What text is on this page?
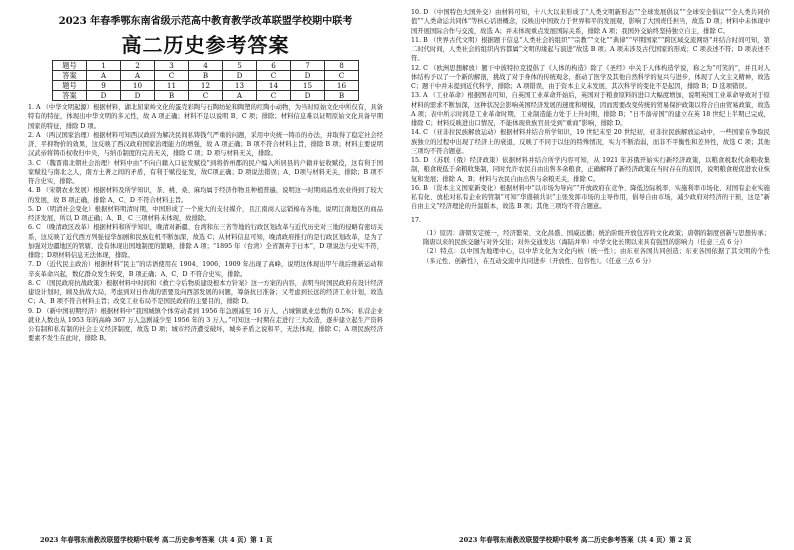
2023 年春季鄂东南省级示范高中教育教学改革联盟学校期中联考
高二历史参考答案
题号	1	2	3	4	5	6	7	8
答案	A	A	C	B	D	C	D	C
题号	9	10	11	12	13	14	15	16
答案	D	D	B	C	A	C	D	B

1. A （中华文明起源）根据材料，湖北屈家岭文化的蛋壳彩陶与石陶纺轮和陶塑的红陶小动物，为当时原始文化中所仅有，具备特有的特征，体现出中华文明的多元性，故 A 项正确；材料不足以说明 B、C 项；排除；材料信息难以证明原始文化具备早期国家的特征，排除 D 项。

2. A （两汉国家治理）根据材料可知西汉政府为解决民间私铸钱气严重的问题，采用中央统一铸币的办法，并取得了稳定社会经济、平抑物价的效果，这反映了西汉政府国家治理能力的增强，故 A 项正确；B 项不符合材料主旨，排除 B 项；材料主要说明汉武帝将铸币权收归中央，与纳币制度的完善无关，排除 C 项；D 项与材料无关，排除。

3. C （魏晋南北朝社会治理）材料中由“不向自籍入口征发赋役”到将侨州郡的民户编入所居县的户籍并征收赋役，这有利于国家赋役与南北之人，南方土著之间的矛盾，有利于赋役征发，故C项正确；D 项说法错误；A、D项与材料无关，排除；B 项不符合史实，排除。

4. B （宋朝农业发展）根据材料及所学知识，茶、桃、桑、麻均属于经济作物且种植普遍，说明这一时期商品性农业得到了较大的发展，故 B 项正确，排除 A、C、D 不符合材料主旨。

5. D （明清社会变化）根据材料明清时期，中国形成了一个庞大的支付媒介，且江南商人运销棉布各地，说明江南地区的商品经济发展，所以 D 项正确；A、B、C 三项材料未体现，故排除。

6. C （晚清政区改革）根据材料和所学知识，晚清对新疆、台湾和东三省等地的行政区划改革与近代历史对三地的侵略有密切关系，这反映了近代西方列强侵华加剧和民族危机不断加深，故选 C；从材料信息可知，晚清政府推行的是行政区划改革，是为了加强对边疆地区的管辖，没有体现出国地制度的繁略，排除 A 项；“1895 年（台湾）全省割弃于日本”，D 项说法与史实不符，排除；D项材料信息无法体现，排除。

7. D （近代民主政治）根据材料“民主”的话语使用在 1904、1906、1909 年出现了高峰，说明这体现出甲午战后维新运动和辛亥革命兴起，数亿群众发生转变，B 项正确；A、C、D 不符合史实，排除。

8. C （国民政府抗战政策）根据材料中时间和《救亡令后物质建设根本方针案》这一方案的内容，表明当时国民政府在设计经济建设计划时，顾及抗战大局，考虑到对日作战的需要及向西部发展的问题，筹备抗日准备；又考虑到长远的经济工业计划，故选 C；A、B 项不符合材料主旨；改变工业布局不是国民政府的主要目的，排除 D。

9. D （新中国初期经济）根据材料中“我国城镇个体劳动者到 1956 年急剧减至 16 万人，占城镇就业总数的 0.5%；私营企业就业人数也从 1953 年的高峰 367 万人急剧减少至 1956 年的 3 万人。”可知这一时期在走进行三大改造，逐步建立起生产资料公有制和私有制的社会主义经济制度，故选 D 项；城市经济遭受破坏，城乡矛盾之说和平，无法体现，排除 C；A 项民族经济要素不发生在此时，排除 B。

2023 年春鄂东南教改联盟学校期中联考 高二历史参考答案（共 4 页）第 1 页

10. D （中国特色大国外交）由材料可知，十八大以来形成了“人类文明新形态”“全球发展倡议”“全球安全倡议”“全人类共同价值”“人类命运共同体”等核心话语概念，反映出中国致力于世界和平的发展观，影响了大国责任担当，故选 D 项；材料中未体现中国开展国际合作与交流，故选 A；并未体现重点发展国际关系，排除 A 项；我国外交始终坚持独立自主，排除 C。

11. B （世界古代文明）根据题干信息“人类社会的组织”“宗教”“文化”“典律”“早期国家”“跨区域交流网络”并结合时间可知，第二时代时间，人类社会的组织内容都属“文明的缘起与演进”故选 B 项；A 项未涉及古代国家的形成；C 项表述不符；D 项表述不符。

12. C （欧洲思想解放）题干中彼特拉克提倡了《人体的构造》除了《圣经》中关于人体构造学说，称之为“可笑的”，并且对人体结构予以了一个新的解剖，挑战了对于身体的传统观念，推动了医学及其他自然科学的复兴与进步，体现了人文主义精神，故选 C；题干中并未提到近代科学，排除；A 项错误，由于资本主义未发展，其次科学的变化不是起因，排除 B；D 选项错误。

13. A （工业革命）根据图表可知，自英国工业革命开始后，英国对于粮食原料的进口大幅度增加，说明英国工业革命导致对于原材料的需求不断加深，这种状况会影响英国经济发展的速度和规模，因而需要改变传统的贸易保护政策以符合自由贸易政策，故选 A 项；表中所示时间是工业革命时期，工业制造能力处于上升时期，排除 B；“日不落帝国”的建立在英 18 世纪上半期已完成，排除 C；材料反映进出口情况，不能体现贵族官员受到“重商”影响，排除 D。

14. C （亚非拉民族解放运动）根据材料并结合所学知识，19 世纪末至 20 世纪初，亚非拉民族解放运动中，一些国家在争取民族独立的过程中出现了经济上的衰退，反映了不同于以往的特殊情况，实力不断消弱，而非不平衡性和差异性，故选 C 项；其他三项均不符合题意。

15. D （苏联（俄）经济政策）依据材料并结合所学内容可知，从 1921 年苏俄开始实行新经济政策，以粮食税取代余粮收集制，粮食税低于余粮收集制，同时允许农民自由出售多余粮食，正确解释了新经济政策在当时存在的原因，说明粮食税促进农业恢复和发展；排除 A、B；材料与农民自由出售与余粮无关，排除 C。

16. B （资本主义国家新变化）根据材料中“以市场为导向”“开放政府在竞争、降低边际税率、实施利率市场化、对国有企业实施私有化、放松对私有企业的管制”可知“华盛顿共识”主张发挥市场的主导作用，倡导自由市场，减少政府对经济的干预，这是“新自由主义”经济理论的升温版本，故选 B 项；其他三项均不符合题意。

17.

（1）原因：唐朝安定统一，经济繁荣、文化昌盛、国威远播；统治阶级开放包容的文化政策；唐朝的制度创新与思想传承；隋唐以来的民族交融与对外交往；对外交通发达（海陆并举）中华文化长期以来具有强烈的影响力（任意三点 6 分）

（2）特点：以中国为地理中心，以中华文化为文化内核（统一性）；由东亚各国共同创造；东亚各国依据了其文明的个性（多元性、创新性），在互动交流中共同进步（开放性、包容性）。（任意三点 6 分）

2023 年春鄂东南教改联盟学校期中联考 高二历史参考答案（共 4 页）第 2 页
